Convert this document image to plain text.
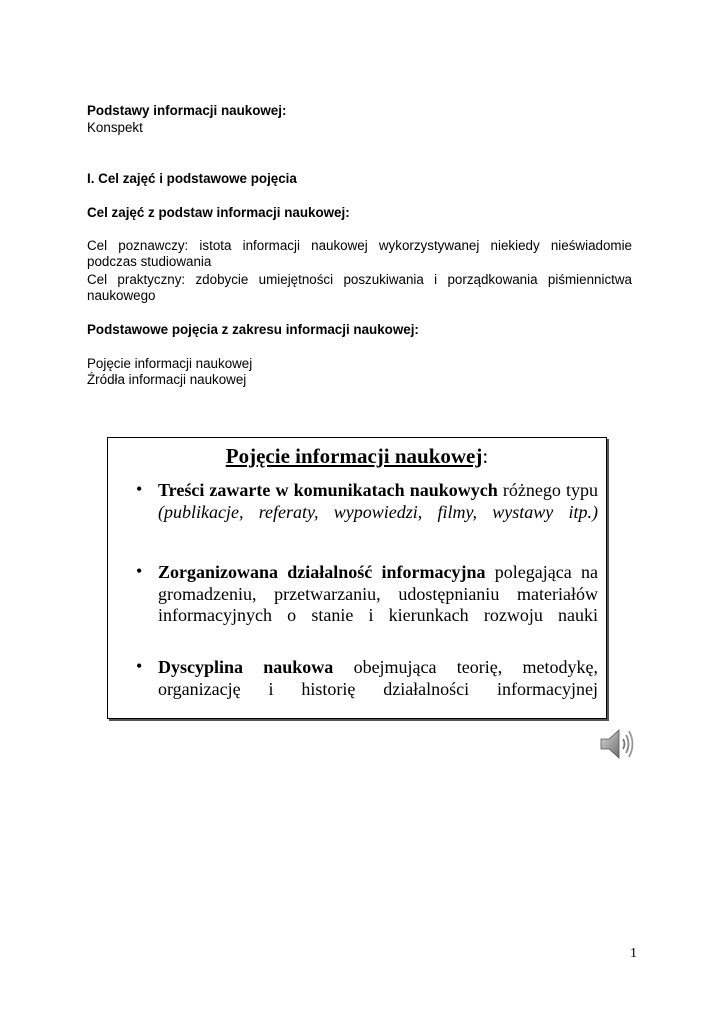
Podstawy informacji naukowej:
Konspekt
I. Cel zajęć i podstawowe pojęcia
Cel zajęć z podstaw informacji naukowej:
Cel poznawczy: istota informacji naukowej wykorzystywanej niekiedy nieświadomie podczas studiowania
Cel praktyczny: zdobycie umiejętności poszukiwania i porządkowania piśmiennictwa naukowego
Podstawowe pojęcia z zakresu informacji naukowej:
Pojęcie informacji naukowej
Źródła informacji naukowej
Pojęcie informacji naukowej:
• Treści zawarte w komunikatach naukowych różnego typu (publikacje, referaty, wypowiedzi, filmy, wystawy itp.)
• Zorganizowana działalność informacyjna polegająca na gromadzeniu, przetwarzaniu, udostępnianiu materiałów informacyjnych o stanie i kierunkach rozwoju nauki
• Dyscyplina naukowa obejmująca teorię, metodykę, organizację i historię działalności informacyjnej
1
